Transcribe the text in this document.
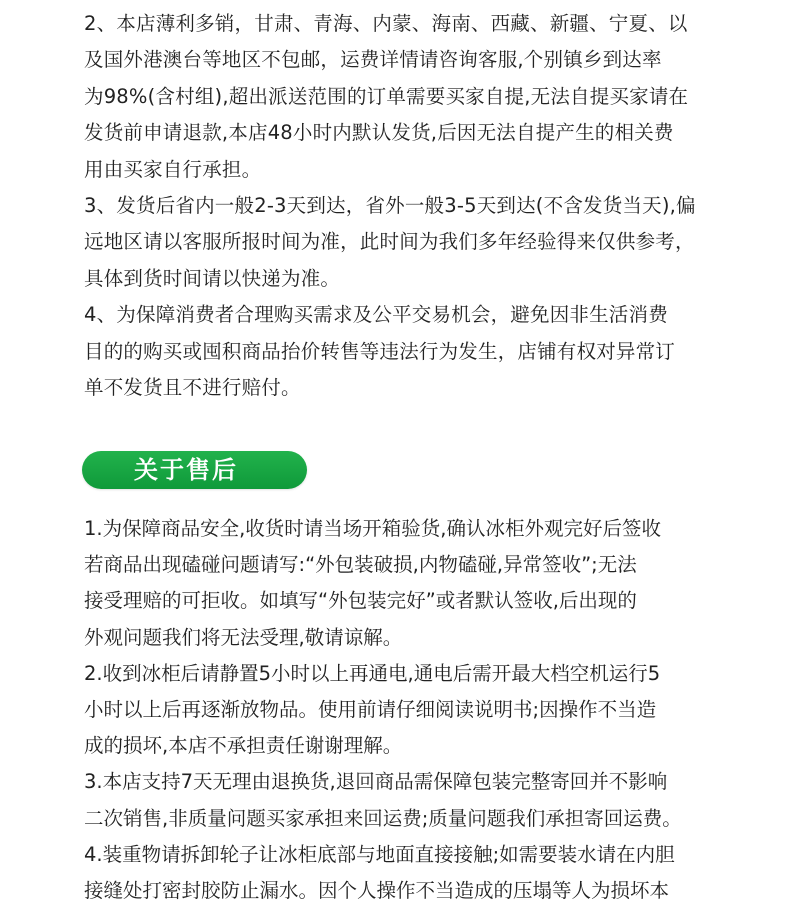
2、本店薄利多销，甘肃、青海、内蒙、海南、西藏、新疆、宁夏、以
及国外港澳台等地区不包邮，运费详情请咨询客服,个别镇乡到达率
为98%(含村组),超出派送范围的订单需要买家自提,无法自提买家请在
发货前申请退款,本店48小时内默认发货,后因无法自提产生的相关费
用由买家自行承担。
3、发货后省内一般2-3天到达，省外一般3-5天到达(不含发货当天),偏
远地区请以客服所报时间为准，此时间为我们多年经验得来仅供参考，
具体到货时间请以快递为准。
4、为保障消费者合理购买需求及公平交易机会，避免因非生活消费
目的的购买或囤积商品抬价转售等违法行为发生，店铺有权对异常订
单不发货且不进行赔付。
关于售后
1.为保障商品安全,收货时请当场开箱验货,确认冰柜外观完好后签收
若商品出现磕碰问题请写:“外包装破损,内物磕碰,异常签收”;无法
接受理赔的可拒收。如填写“外包装完好”或者默认签收,后出现的
外观问题我们将无法受理,敬请谅解。
2.收到冰柜后请静置5小时以上再通电,通电后需开最大档空机运行5
小时以上后再逐渐放物品。使用前请仔细阅读说明书;因操作不当造
成的损坏,本店不承担责任谢谢理解。
3.本店支持7天无理由退换货,退回商品需保障包装完整寄回并不影响
二次销售,非质量问题买家承担来回运费;质量问题我们承担寄回运费。
4.装重物请拆卸轮子让冰柜底部与地面直接接触;如需要装水请在内胆
接缝处打密封胶防止漏水。因个人操作不当造成的压塌等人为损坏本
